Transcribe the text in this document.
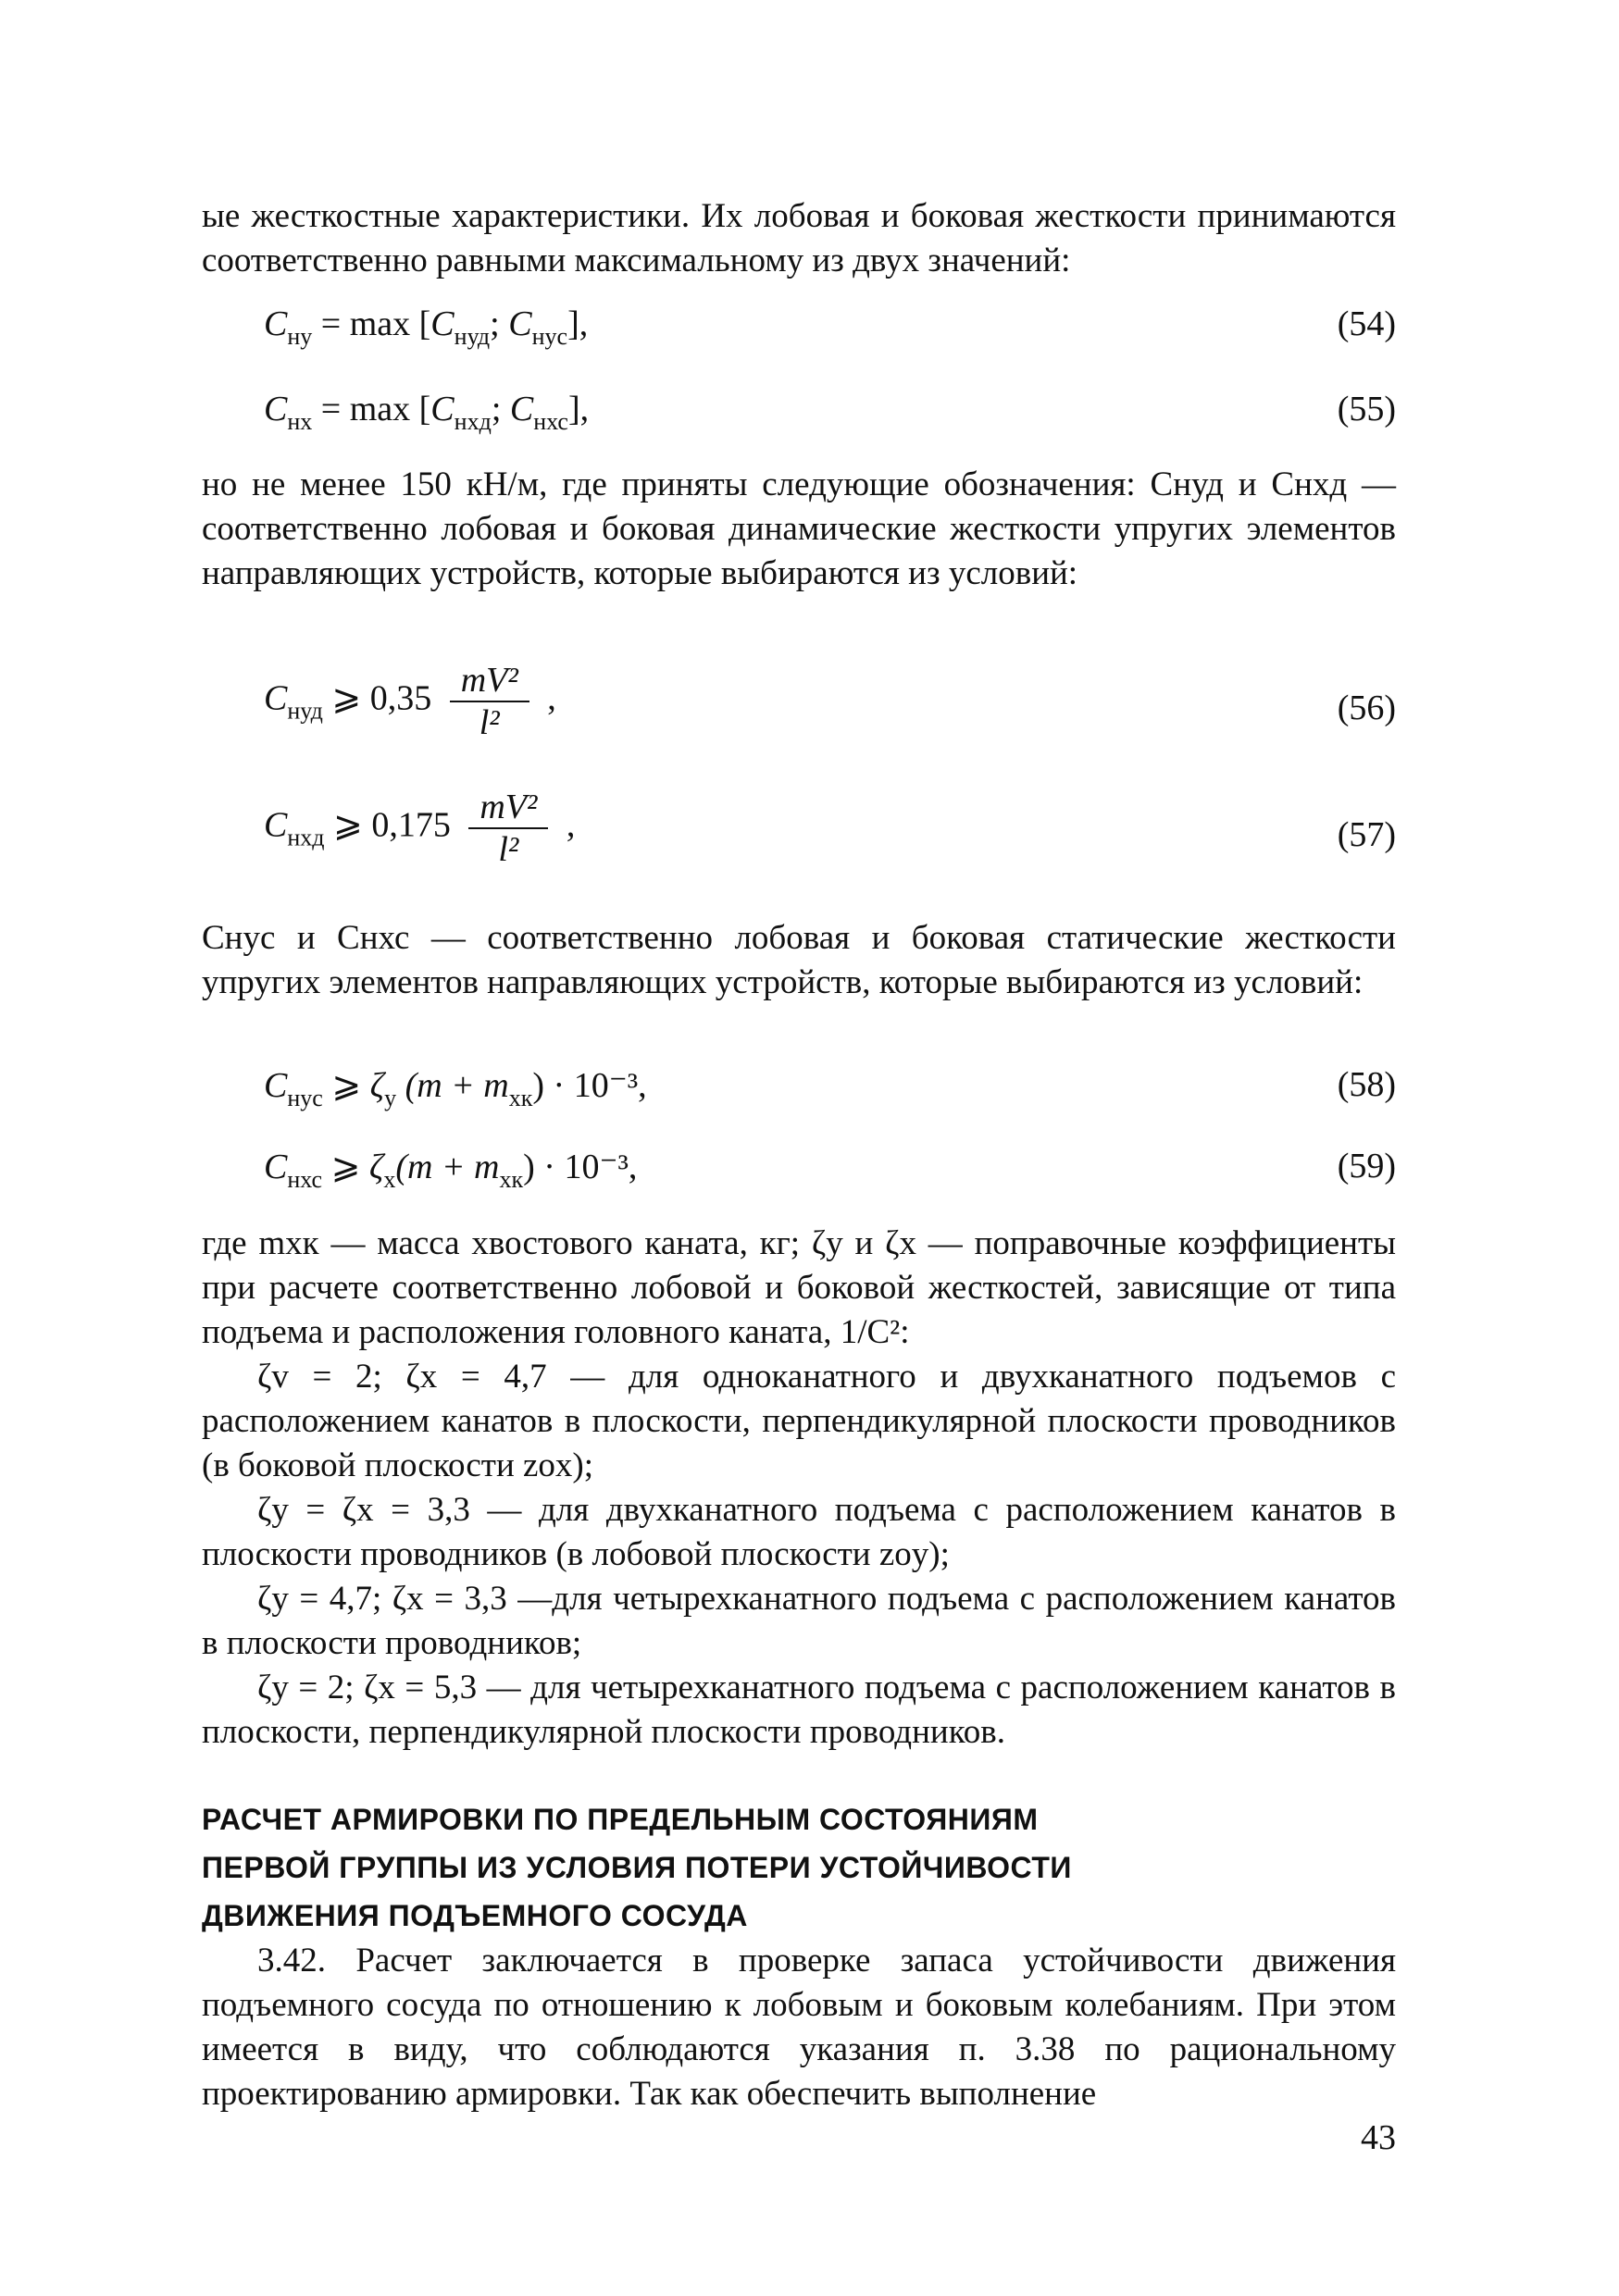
ые жесткостные характеристики. Их лобовая и боковая жесткости принимаются соответственно равными максимальному из двух значений:

$C_{ну} = \max [C_{нуд}$; $C_{нус}$],	(54)
$C_{нх} = \max [C_{нхд}$; $C_{нхс}$],	(55)

но не менее 150 кН/м, где приняты следующие обозначения: Cнуд и Cнхд — соответственно лобовая и боковая динамические жесткости упругих элементов направляющих устройств, которые выбираются из условий:

$C_{нуд}$ ⩾ $0,35 \frac{\text{mV²}}{\text{l²}}$ ,	(56)
$C_{нхд}$ ⩾ $0,175 \frac{\text{mV²}}{\text{l²}}$ ,	(57)

Cнус и Cнхс — соответственно лобовая и боковая статические жесткости упругих элементов направляющих устройств, которые выбираются из условий:

$C_{нус}$ ⩾ $\zeta_y$ $(m + m_{хк}) \cdot 10^{-3}$,	(58)
$C_{нхс}$ ⩾ $\zeta_x(m + m_{хк}) \cdot 10^{-3}$,	(59)

где mхк — масса хвостового каната, кг; ζy и ζx — поправочные коэффициенты при расчете соответственно лобовой и боковой жесткостей, зависящие от типа подъема и расположения головного каната, 1/C²:

ζv = 2; ζx = 4,7 — для одноканатного и двухканатного подъемов с расположением канатов в плоскости, перпендикулярной плоскости проводников (в боковой плоскости zox);

ζy = ζx = 3,3 — для двухканатного подъема с расположением канатов в плоскости проводников (в лобовой плоскости zoy);

ζy = 4,7; ζx = 3,3 —для четырехканатного подъема с расположением канатов в плоскости проводников;

ζy = 2; ζx = 5,3 — для четырехканатного подъема с расположением канатов в плоскости, перпендикулярной плоскости проводников.

РАСЧЕТ АРМИРОВКИ ПО ПРЕДЕЛЬНЫМ СОСТОЯНИЯМ
ПЕРВОЙ ГРУППЫ ИЗ УСЛОВИЯ ПОТЕРИ УСТОЙЧИВОСТИ
ДВИЖЕНИЯ ПОДЪЕМНОГО СОСУДА

3.42. Расчет заключается в проверке запаса устойчивости движения подъемного сосуда по отношению к лобовым и боковым колебаниям. При этом имеется в виду, что соблюдаются указания п. 3.38 по рациональному проектированию армировки. Так как обеспечить выполнение

43
